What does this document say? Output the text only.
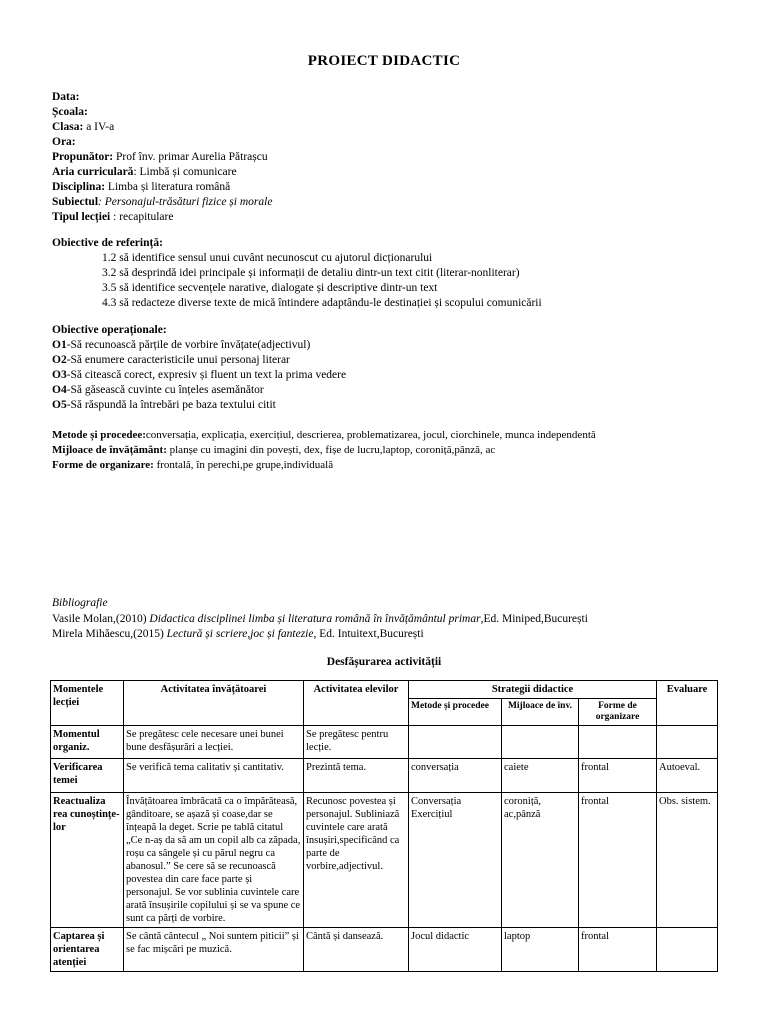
PROIECT DIDACTIC
Data:
Școala:
Clasa: a IV-a
Ora:
Propunător: Prof înv. primar Aurelia Pătrașcu
Aria curriculară: Limbă și comunicare
Disciplina: Limba și literatura română
Subiectul: Personajul-trăsături fizice și morale
Tipul lecției : recapitulare
Obiective de referință:
1.2 să identifice sensul unui cuvânt necunoscut cu ajutorul dicționarului
3.2 să desprindă idei principale și informații de detaliu dintr-un text citit (literar-nonliterar)
3.5 să identifice secvențele narative, dialogate și descriptive dintr-un text
4.3 să redacteze diverse texte de mică întindere adaptându-le destinației și scopului comunicării
Obiective operaționale:
O1-Să recunoască părțile de vorbire învățate(adjectivul)
O2-Să enumere caracteristicile unui personaj literar
O3-Să citească corect, expresiv și fluent un text la prima vedere
O4-Să găsească cuvinte cu înțeles asemănător
O5-Să răspundă la întrebări pe baza textului citit
Metode și procedee:conversația, explicația, exercițiul, descrierea, problematizarea, jocul, ciorchinele, munca independentă
Mijloace de învățământ: planșe cu imagini din povești, dex, fișe de lucru,laptop, coroniță,pânză, ac
Forme de organizare: frontală, în perechi,pe grupe,individuală
Bibliografie
Vasile Molan,(2010) Didactica disciplinei limba și literatura română în învățământul primar,Ed. Miniped,București
Mirela Mihăescu,(2015) Lectură și scriere,joc și fantezie, Ed. Intuitext,București
Desfășurarea activității
Momentele lecției	Activitatea învățătoarei	Activitatea elevilor	Strategii didactice			Evaluare
			Metode și procedee	Mijloace de înv.	Forme de organizare	
Momentul organiz.	Se pregătesc cele necesare unei bunei bune desfășurări a lecției.	Se pregătesc pentru lecție.				
Verificarea temei	Se verifică tema calitativ și cantitativ.	Prezintă tema.	conversația	caiete	frontal	Autoeval.
Reactualiza rea cunoștințe-lor	Învățătoarea îmbrăcată ca o împărăteasă, gânditoare, se așază și coase,dar se înțeapă la deget. Scrie pe tablă citatul „Ce n-aș da să am un copil alb ca zăpada, roșu ca sângele și cu părul negru ca abanosul.” Se cere să se recunoască povestea din care face parte și personajul. Se vor sublinia cuvintele care arată însușirile copilului și se va spune ce sunt ca părți de vorbire.	Recunosc povestea și personajul. Subliniază cuvintele care arată însușiri,specificând ca parte de vorbire,adjectivul.	Conversația Exercițiul	coroniță, ac,pânză	frontal	Obs. sistem.
Captarea și orientarea atenției	Se cântă cântecul „ Noi suntem piticii” și se fac mișcări pe muzică.	Cântă și dansează.	Jocul didactic	laptop	frontal	
